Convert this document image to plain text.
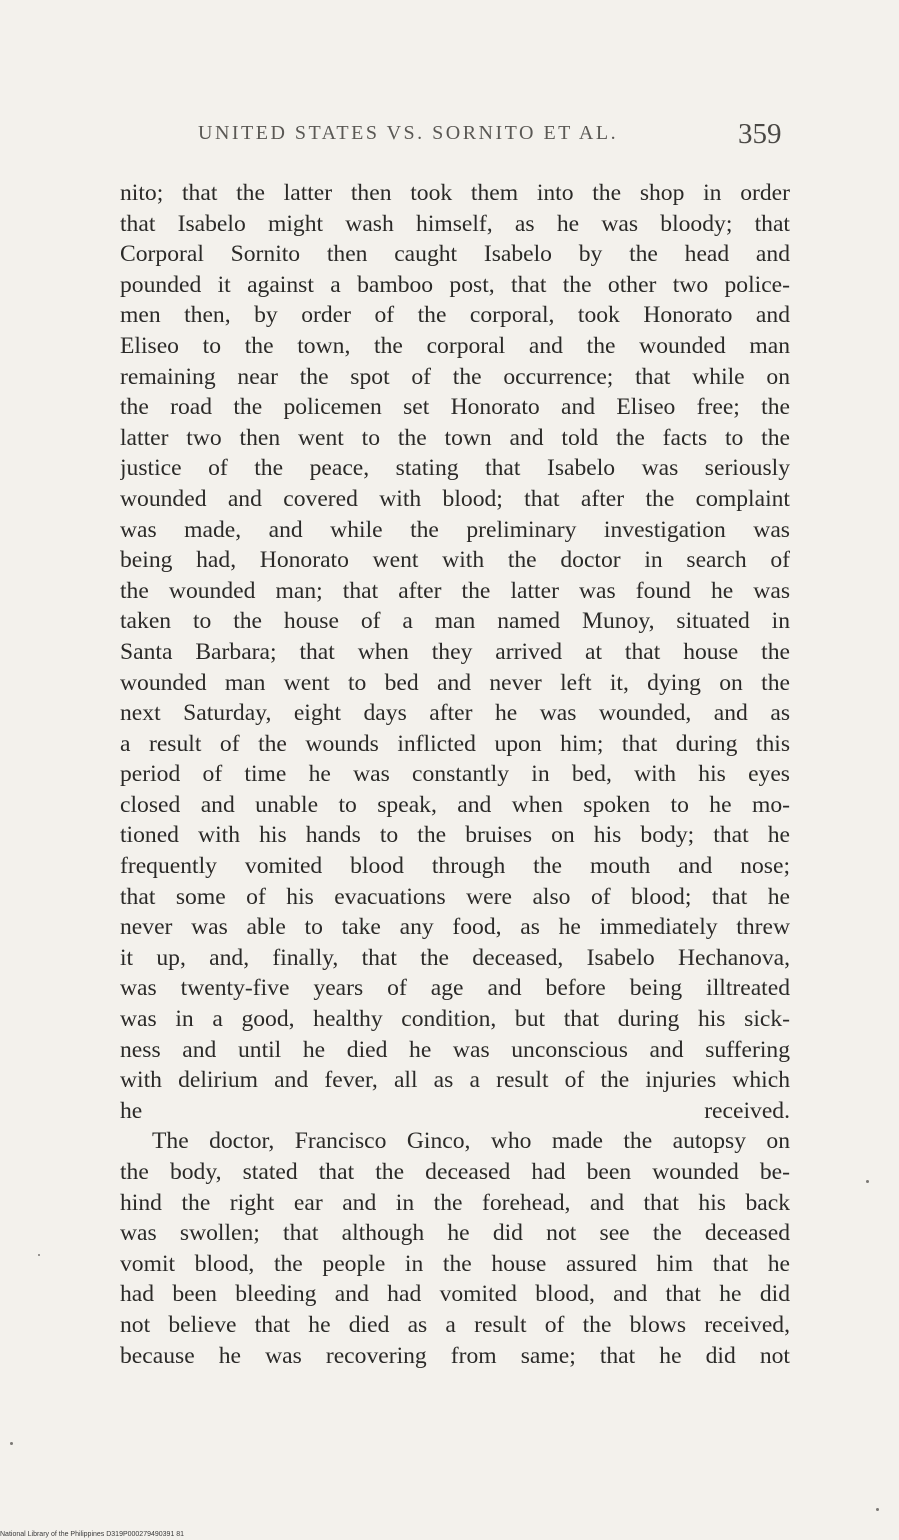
UNITED STATES VS. SORNITO ET AL.	359
nito; that the latter then took them into the shop in order
that Isabelo might wash himself, as he was bloody; that
Corporal Sornito then caught Isabelo by the head and
pounded it against a bamboo post, that the other two police-
men then, by order of the corporal, took Honorato and
Eliseo to the town, the corporal and the wounded man
remaining near the spot of the occurrence; that while on
the road the policemen set Honorato and Eliseo free; the
latter two then went to the town and told the facts to the
justice of the peace, stating that Isabelo was seriously
wounded and covered with blood; that after the complaint
was made, and while the preliminary investigation was
being had, Honorato went with the doctor in search of
the wounded man; that after the latter was found he was
taken to the house of a man named Munoy, situated in
Santa Barbara; that when they arrived at that house the
wounded man went to bed and never left it, dying on the
next Saturday, eight days after he was wounded, and as
a result of the wounds inflicted upon him; that during this
period of time he was constantly in bed, with his eyes
closed and unable to speak, and when spoken to he mo-
tioned with his hands to the bruises on his body; that he
frequently vomited blood through the mouth and nose;
that some of his evacuations were also of blood; that he
never was able to take any food, as he immediately threw
it up, and, finally, that the deceased, Isabelo Hechanova,
was twenty-five years of age and before being illtreated
was in a good, healthy condition, but that during his sick-
ness and until he died he was unconscious and suffering
with delirium and fever, all as a result of the injuries which
he received.
The doctor, Francisco Ginco, who made the autopsy on
the body, stated that the deceased had been wounded be-
hind the right ear and in the forehead, and that his back
was swollen; that although he did not see the deceased
vomit blood, the people in the house assured him that he
had been bleeding and had vomited blood, and that he did
not believe that he died as a result of the blows received,
because he was recovering from same; that he did not
National Library of the Philippines D319P000279490391 81
